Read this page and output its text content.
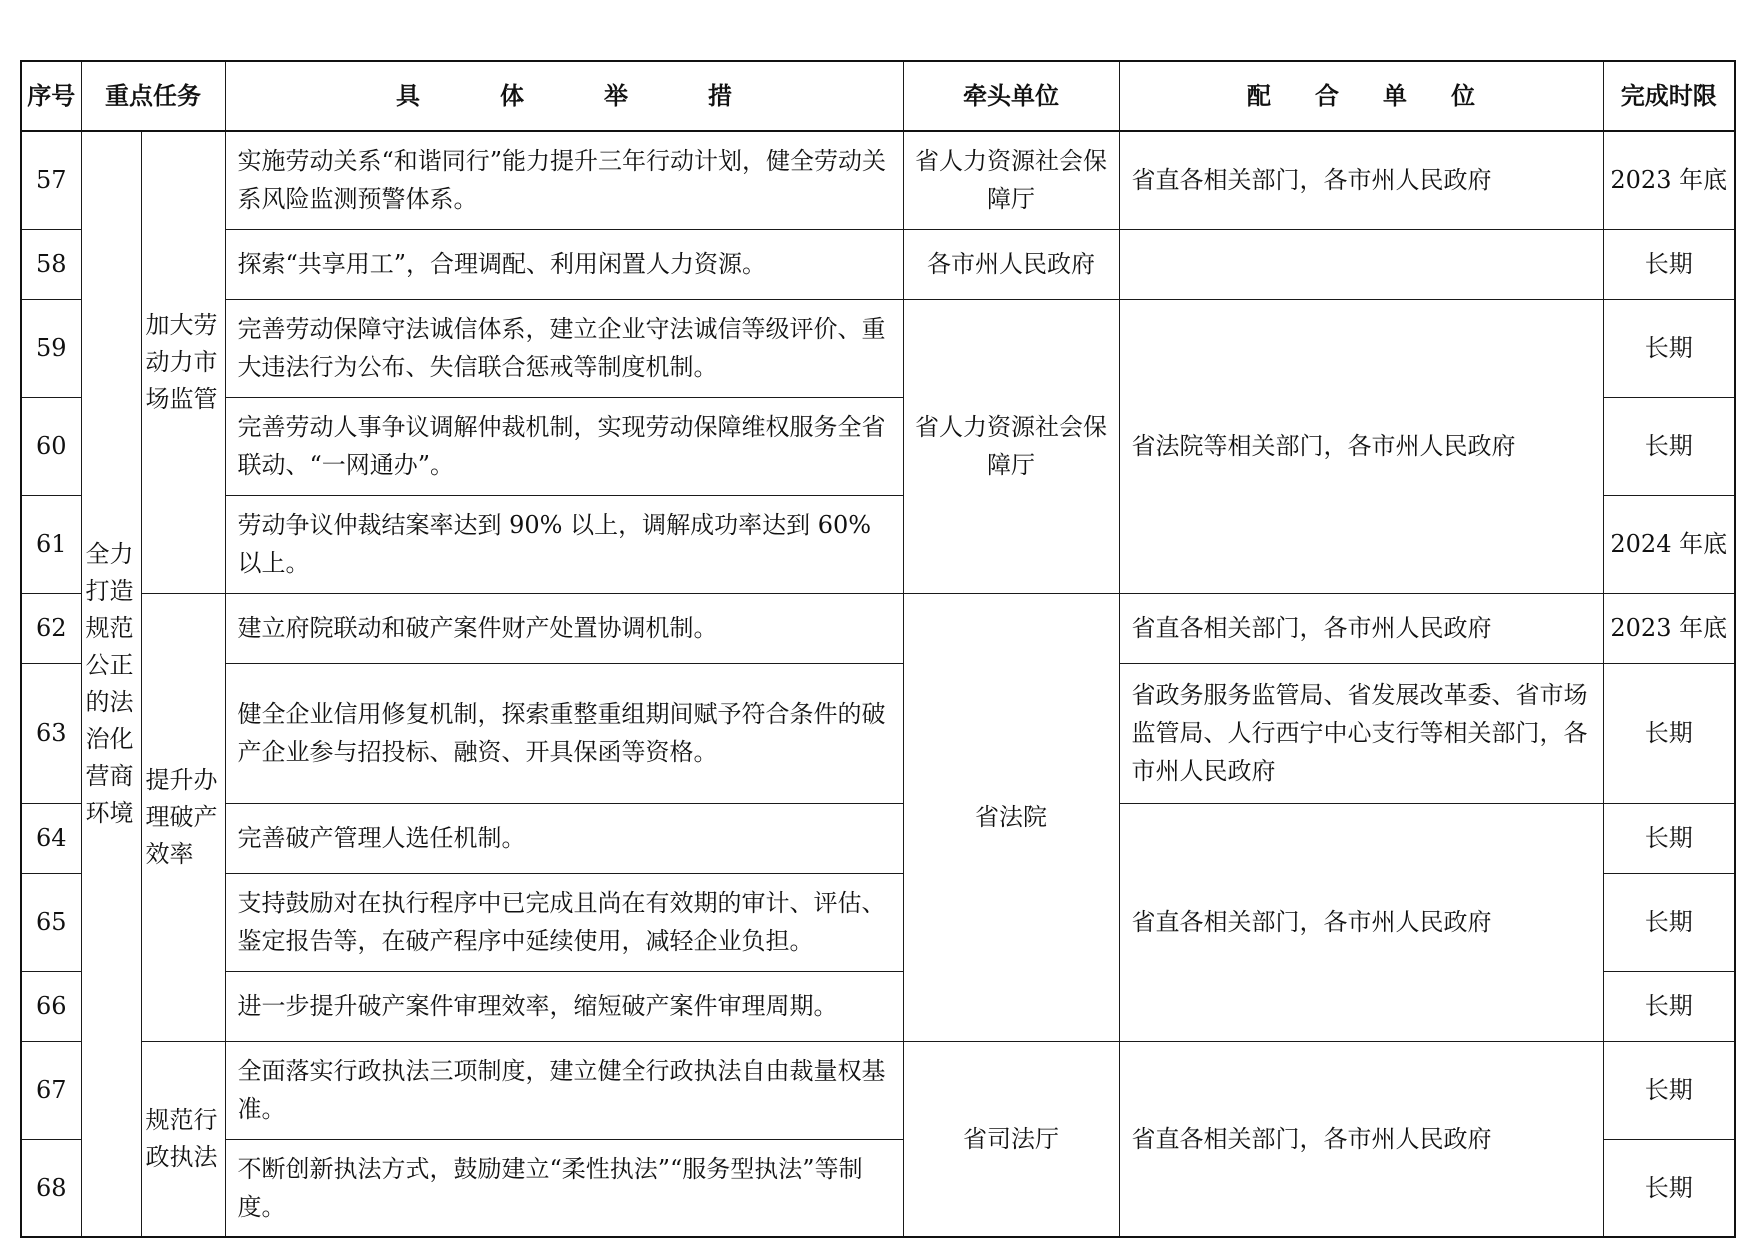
序号	重点任务		具体举措	牵头单位	配合单位	完成时限
57	全力打造规范公正的法治化营商环境	加大劳动力市场监管	实施劳动关系“和谐同行”能力提升三年行动计划，健全劳动关系风险监测预警体系。	省人力资源社会保障厅	省直各相关部门，各市州人民政府	2023 年底
58			探索“共享用工”，合理调配、利用闲置人力资源。	各市州人民政府		长期
59			完善劳动保障守法诚信体系，建立企业守法诚信等级评价、重大违法行为公布、失信联合惩戒等制度机制。	省人力资源社会保障厅	省法院等相关部门，各市州人民政府	长期
60			完善劳动人事争议调解仲裁机制，实现劳动保障维权服务全省联动、“一网通办”。			长期
61			劳动争议仲裁结案率达到 90% 以上，调解成功率达到 60% 以上。			2024 年底
62		提升办理破产效率	建立府院联动和破产案件财产处置协调机制。	省法院	省直各相关部门，各市州人民政府	2023 年底
63			健全企业信用修复机制，探索重整重组期间赋予符合条件的破产企业参与招投标、融资、开具保函等资格。		省政务服务监管局、省发展改革委、省市场监管局、人行西宁中心支行等相关部门，各市州人民政府	长期
64			完善破产管理人选任机制。		省直各相关部门，各市州人民政府	长期
65			支持鼓励对在执行程序中已完成且尚在有效期的审计、评估、鉴定报告等，在破产程序中延续使用，减轻企业负担。			长期
66			进一步提升破产案件审理效率，缩短破产案件审理周期。			长期
67		规范行政执法	全面落实行政执法三项制度，建立健全行政执法自由裁量权基准。	省司法厅	省直各相关部门，各市州人民政府	长期
68			不断创新执法方式，鼓励建立“柔性执法”“服务型执法”等制度。			长期
